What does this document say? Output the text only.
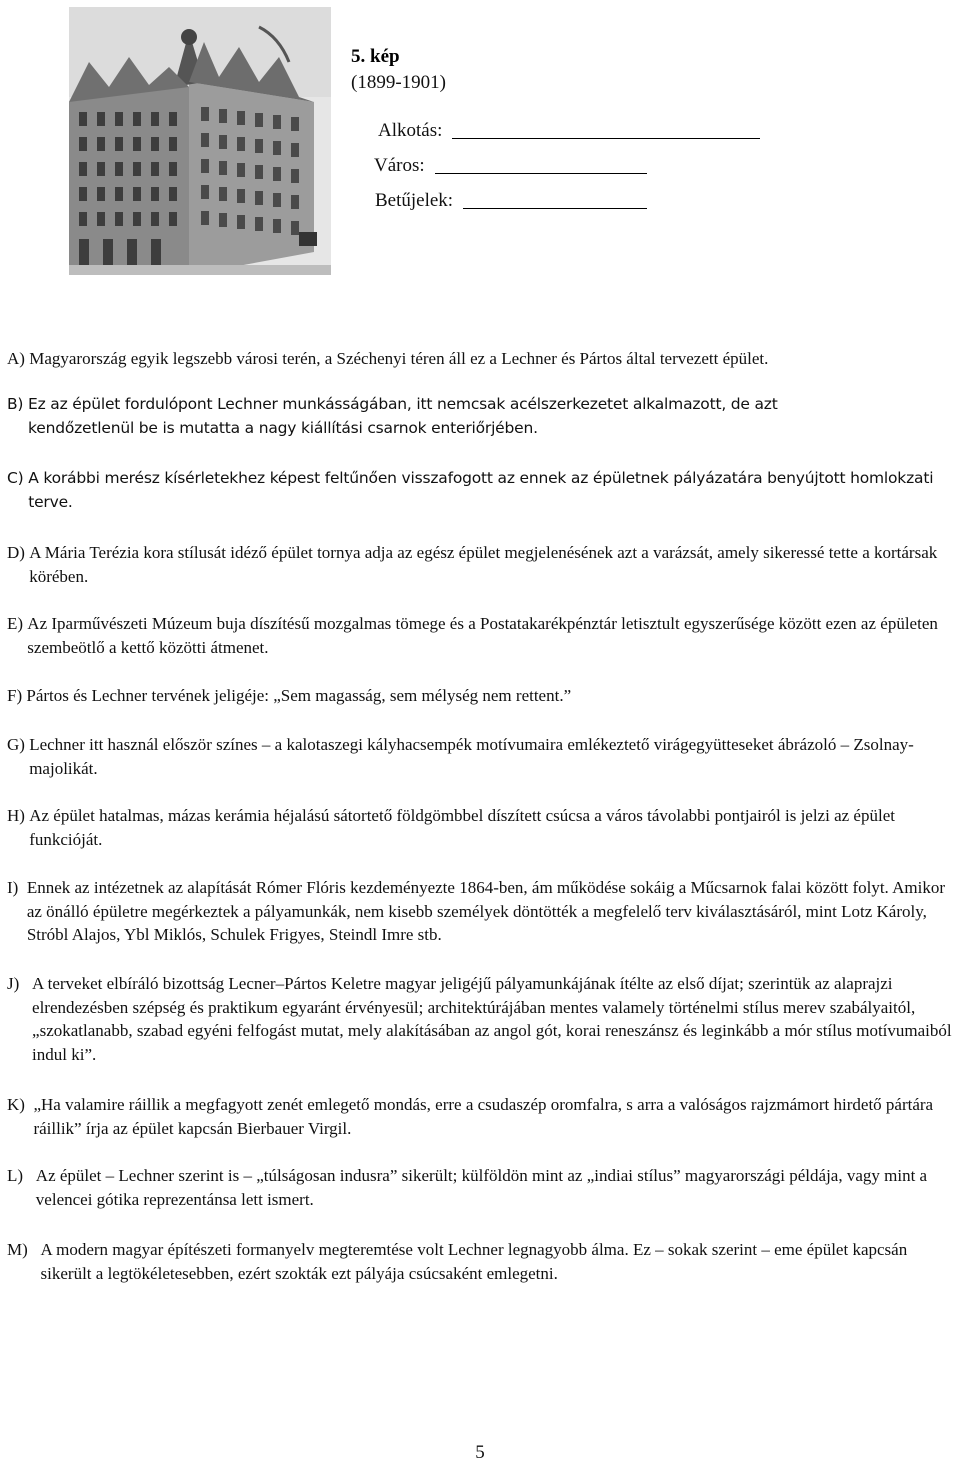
5. kép
(1899-1901)
Alkotás:
Város:
Betűjelek:
A)
Magyarország egyik legszebb városi terén, a Széchenyi téren áll ez a Lechner és Pártos által tervezett épület.
B)
Ez az épület fordulópont Lechner munkásságában, itt nemcsak acélszerkezetet alkalmazott, de azt kendőzetlenül be is mutatta a nagy kiállítási csarnok enteriőrjében.
C)
A korábbi merész kísérletekhez képest feltűnően visszafogott az ennek az épületnek pályázatára benyújtott homlokzati terve.
D)
A Mária Terézia kora stílusát idéző épület tornya adja az egész épület megjelenésének azt a varázsát, amely sikeressé tette a kortársak körében.
E)
Az Iparművészeti Múzeum buja díszítésű mozgalmas tömege és a Postatakarékpénztár letisztult egyszerűsége között ezen az épületen szembeötlő a kettő közötti átmenet.
F)
Pártos és Lechner tervének jeligéje: „Sem magasság, sem mélység nem rettent.”
G)
Lechner itt használ először színes – a kalotaszegi kályhacsempék motívumaira emlékeztető virágegyütteseket ábrázoló – Zsolnay-majolikát.
H)
Az épület hatalmas, mázas kerámia héjalású sátortető földgömbbel díszített csúcsa a város távolabbi pontjairól is jelzi az épület funkcióját.
I)
Ennek az intézetnek az alapítását Rómer Flóris kezdeményezte 1864-ben, ám működése sokáig a Műcsarnok falai között folyt. Amikor az önálló épületre megérkeztek a pályamunkák, nem kisebb személyek döntötték a megfelelő terv kiválasztásáról, mint Lotz Károly, Stróbl Alajos, Ybl Miklós, Schulek Frigyes, Steindl Imre stb.
J)
A terveket elbíráló bizottság Lecner–Pártos Keletre magyar jeligéjű pályamunkájának ítélte az első díjat; szerintük az alaprajzi elrendezésben szépség és praktikum egyaránt érvényesül; architektúrájában mentes valamely történelmi stílus merev szabályaitól, „szokatlanabb, szabad egyéni felfogást mutat, mely alakításában az angol gót, korai reneszánsz és leginkább a mór stílus motívumaiból indul ki”.
K)
„Ha valamire ráillik a megfagyott zenét emlegető mondás, erre a csudaszép oromfalra, s arra a valóságos rajzmámort hirdető pártára ráillik” írja az épület kapcsán Bierbauer Virgil.
L)
Az épület – Lechner szerint is – „túlságosan indusra” sikerült; külföldön mint az „indiai stílus” magyarországi példája, vagy mint a velencei gótika reprezentánsa lett ismert.
M)
A modern magyar építészeti formanyelv megteremtése volt Lechner legnagyobb álma. Ez – sokak szerint – eme épület kapcsán sikerült a legtökéletesebben, ezért szokták ezt pályája csúcsaként emlegetni.
5
